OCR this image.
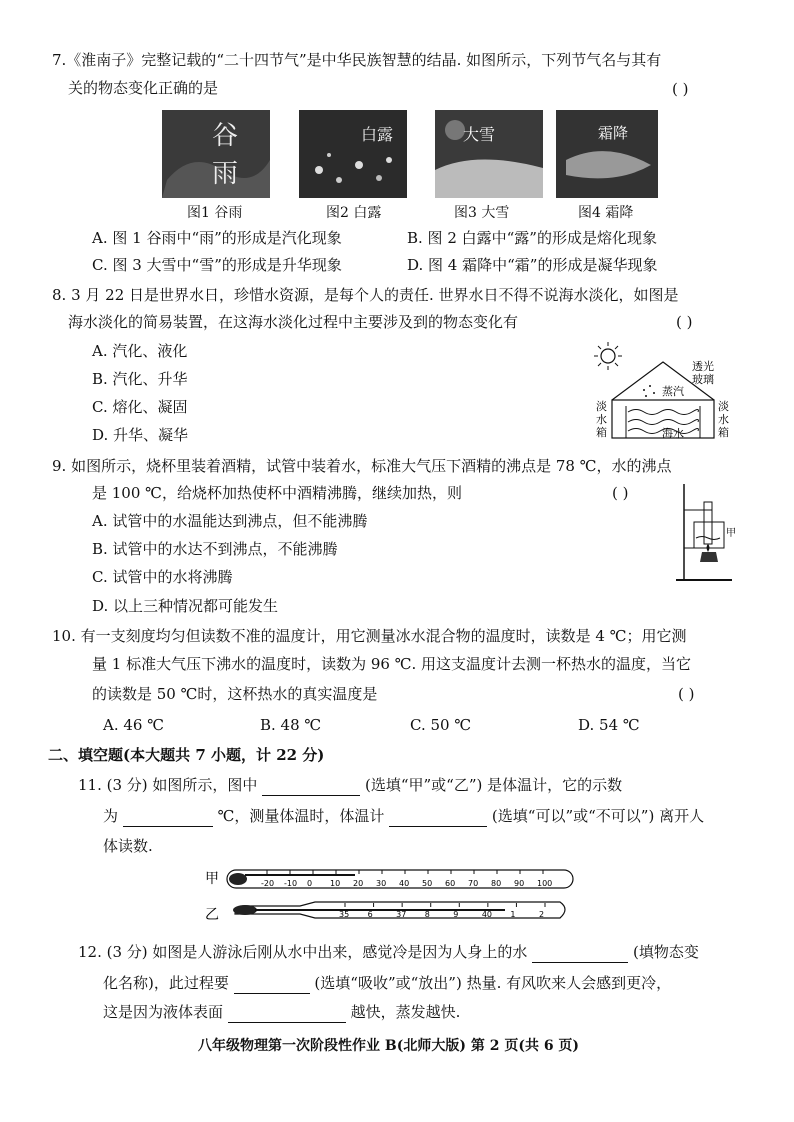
7.《淮南子》完整记载的“二十四节气”是中华民族智慧的结晶. 如图所示，下列节气名与其有
关的物态变化正确的是	( )
谷
雨
白露	大雪	霜降
图1 谷雨	图2 白露	图3 大雪	图4 霜降
A. 图 1 谷雨中“雨”的形成是汽化现象	B. 图 2 白露中“露”的形成是熔化现象
C. 图 3 大雪中“雪”的形成是升华现象	D. 图 4 霜降中“霜”的形成是凝华现象
8. 3 月 22 日是世界水日，珍惜水资源，是每个人的责任. 世界水日不得不说海水淡化，如图是
海水淡化的简易装置，在这海水淡化过程中主要涉及到的物态变化有	( )
A. 汽化、液化
B. 汽化、升华
C. 熔化、凝固
D. 升华、凝华
透光
玻璃
蒸汽
海水
淡
水
箱
淡
水
箱
9. 如图所示，烧杯里装着酒精，试管中装着水，标准大气压下酒精的沸点是 78 ℃，水的沸点
是 100 ℃，给烧杯加热使杯中酒精沸腾，继续加热，则	( )
A. 试管中的水温能达到沸点，但不能沸腾
B. 试管中的水达不到沸点，不能沸腾
C. 试管中的水将沸腾
D. 以上三种情况都可能发生
甲
10. 有一支刻度均匀但读数不准的温度计，用它测量冰水混合物的温度时，读数是 4 ℃；用它测
量 1 标准大气压下沸水的温度时，读数为 96 ℃. 用这支温度计去测一杯热水的温度，当它
的读数是 50 ℃时，这杯热水的真实温度是	( )
A. 46 ℃	B. 48 ℃	C. 50 ℃	D. 54 ℃
二、填空题(本大题共 7 小题，计 22 分)
11. (3 分) 如图所示，图中	(选填“甲”或“乙”) 是体温计，它的示数
为	℃，测量体温时，体温计	(选填“可以”或“不可以”) 离开人
体读数.
甲	-20 -10 0 10 20 30 40 50 60 70 80 90 100
乙	35 6	37 8	9	40 1	2
12. (3 分) 如图是人游泳后刚从水中出来，感觉冷是因为人身上的水	(填物态变
化名称)，此过程要	(选填“吸收”或“放出”) 热量. 有风吹来人会感到更冷，
这是因为液体表面	越快，蒸发越快.
八年级物理第一次阶段性作业 B(北师大版) 第 2 页(共 6 页)
